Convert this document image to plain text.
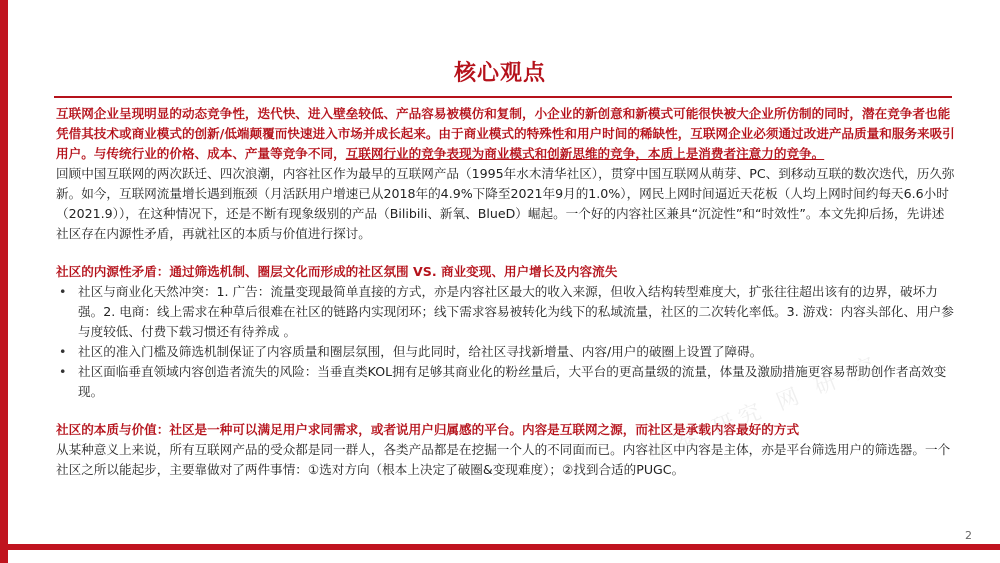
核心观点

互联网企业呈现明显的动态竞争性，迭代快、进入壁垒较低、产品容易被模仿和复制，小企业的新创意和新模式可能很快被大企业所仿制的同时，潜在竞争者也能凭借其技术或商业模式的创新/低端颠覆而快速进入市场并成长起来。由于商业模式的特殊性和用户时间的稀缺性，互联网企业必须通过改进产品质量和服务来吸引用户。与传统行业的价格、成本、产量等竞争不同，互联网行业的竞争表现为商业模式和创新思维的竞争，本质上是消费者注意力的竞争。

回顾中国互联网的两次跃迁、四次浪潮，内容社区作为最早的互联网产品（1995年水木清华社区），贯穿中国互联网从萌芽、PC、到移动互联的数次迭代，历久弥新。如今，互联网流量增长遇到瓶颈（月活跃用户增速已从2018年的4.9%下降至2021年9月的1.0%），网民上网时间逼近天花板（人均上网时间约每天6.6小时（2021.9）），在这种情况下，还是不断有现象级别的产品（Bilibili、新氧、BlueD）崛起。一个好的内容社区兼具“沉淀性”和“时效性”。本文先抑后扬，先讲述社区存在内源性矛盾，再就社区的本质与价值进行探讨。

社区的内源性矛盾：通过筛选机制、圈层文化而形成的社区氛围 VS. 商业变现、用户增长及内容流失

• 社区与商业化天然冲突：1. 广告：流量变现最简单直接的方式，亦是内容社区最大的收入来源，但收入结构转型难度大，扩张往往超出该有的边界，破坏力强。2. 电商：线上需求在种草后很难在社区的链路内实现闭环；线下需求容易被转化为线下的私域流量，社区的二次转化率低。3. 游戏：内容头部化、用户参与度较低、付费下载习惯还有待养成 。
• 社区的准入门槛及筛选机制保证了内容质量和圈层氛围，但与此同时，给社区寻找新增量、内容/用户的破圈上设置了障碍。
• 社区面临垂直领域内容创造者流失的风险：当垂直类KOL拥有足够其商业化的粉丝量后，大平台的更高量级的流量，体量及激励措施更容易帮助创作者高效变现。

社区的本质与价值：社区是一种可以满足用户求同需求，或者说用户归属感的平台。内容是互联网之源，而社区是承载内容最好的方式

从某种意义上来说，所有互联网产品的受众都是同一群人，各类产品都是在挖掘一个人的不同面而已。内容社区中内容是主体，亦是平台筛选用户的筛选器。一个社区之所以能起步，主要靠做对了两件事情：①选对方向（根本上决定了破圈&变现难度）；②找到合适的PUGC。

中泰 研究 网 研 究
2
